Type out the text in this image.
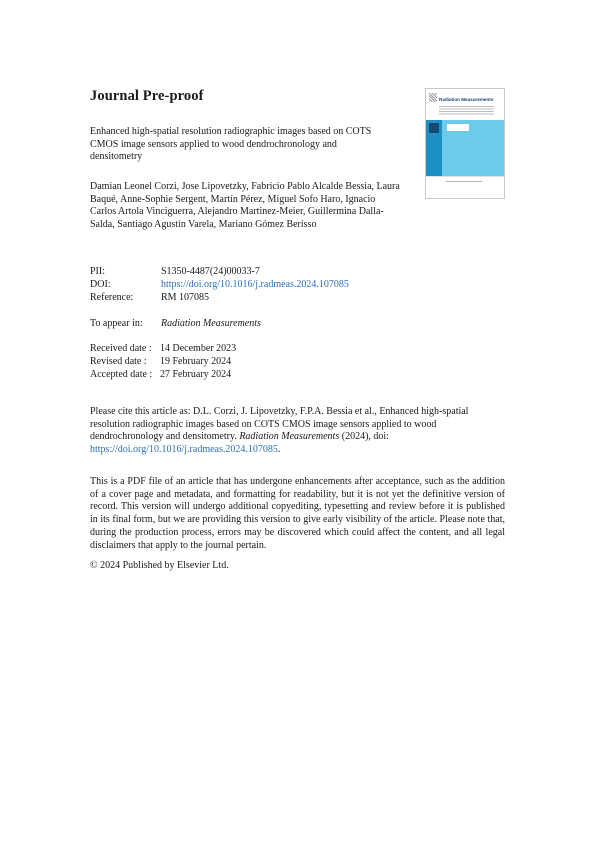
Journal Pre-proof
Enhanced high-spatial resolution radiographic images based on COTS CMOS image sensors applied to wood dendrochronology and densitometry
Damian Leonel Corzi, Jose Lipovetzky, Fabricio Pablo Alcalde Bessia, Laura Baqué, Anne-Sophie Sergent, Martín Pérez, Miguel Sofo Haro, Ignacio Carlos Artola Vinciguerra, Alejandro Martinez-Meier, Guillermina Dalla-Salda, Santiago Agustín Varela, Mariano Gómez Berisso
PII:	S1350-4487(24)00033-7
DOI:	https://doi.org/10.1016/j.radmeas.2024.107085
Reference:	RM 107085
To appear in: Radiation Measurements
Received date : 14 December 2023
Revised date : 19 February 2024
Accepted date : 27 February 2024
Please cite this article as: D.L. Corzi, J. Lipovetzky, F.P.A. Bessia et al., Enhanced high-spatial resolution radiographic images based on COTS CMOS image sensors applied to wood dendrochronology and densitometry. Radiation Measurements (2024), doi: https://doi.org/10.1016/j.radmeas.2024.107085.
This is a PDF file of an article that has undergone enhancements after acceptance, such as the addition of a cover page and metadata, and formatting for readability, but it is not yet the definitive version of record. This version will undergo additional copyediting, typesetting and review before it is published in its final form, but we are providing this version to give early visibility of the article. Please note that, during the production process, errors may be discovered which could affect the content, and all legal disclaimers that apply to the journal pertain.
© 2024 Published by Elsevier Ltd.
Radiation Measurements
